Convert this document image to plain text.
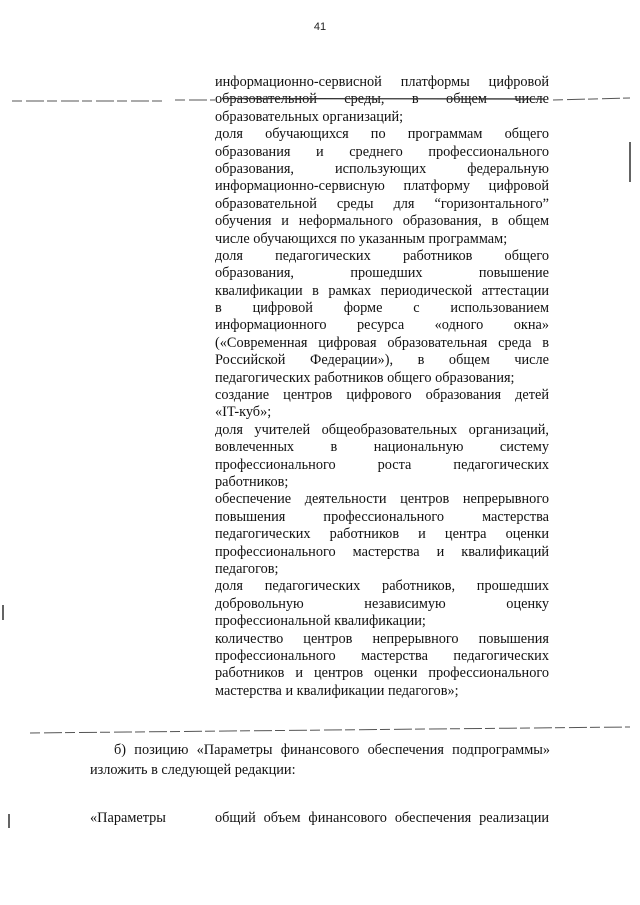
41
информационно-сервисной платформы цифровой
образовательной среды, в общем числе
образовательных организаций;
доля обучающихся по программам общего
образования и среднего профессионального
образования, использующих федеральную
информационно-сервисную платформу цифровой
образовательной среды для “горизонтального”
обучения и неформального образования, в общем
числе обучающихся по указанным программам;
доля педагогических работников общего
образования, прошедших повышение
квалификации в рамках периодической аттестации
в цифровой форме с использованием
информационного ресурса «одного окна»
(«Современная цифровая образовательная среда в
Российской Федерации»), в общем числе
педагогических работников общего образования;
создание центров цифрового образования детей
«IT-куб»;
доля учителей общеобразовательных организаций,
вовлеченных в национальную систему
профессионального роста педагогических
работников;
обеспечение деятельности центров непрерывного
повышения профессионального мастерства
педагогических работников и центра оценки
профессионального мастерства и квалификаций
педагогов;
доля педагогических работников, прошедших
добровольную независимую оценку
профессиональной квалификации;
количество центров непрерывного повышения
профессионального мастерства педагогических
работников и центров оценки профессионального
мастерства и квалификации педагогов»;
б) позицию «Параметры финансового обеспечения подпрограммы»
изложить в следующей редакции:
«Параметры	общий объем финансового обеспечения реализации
